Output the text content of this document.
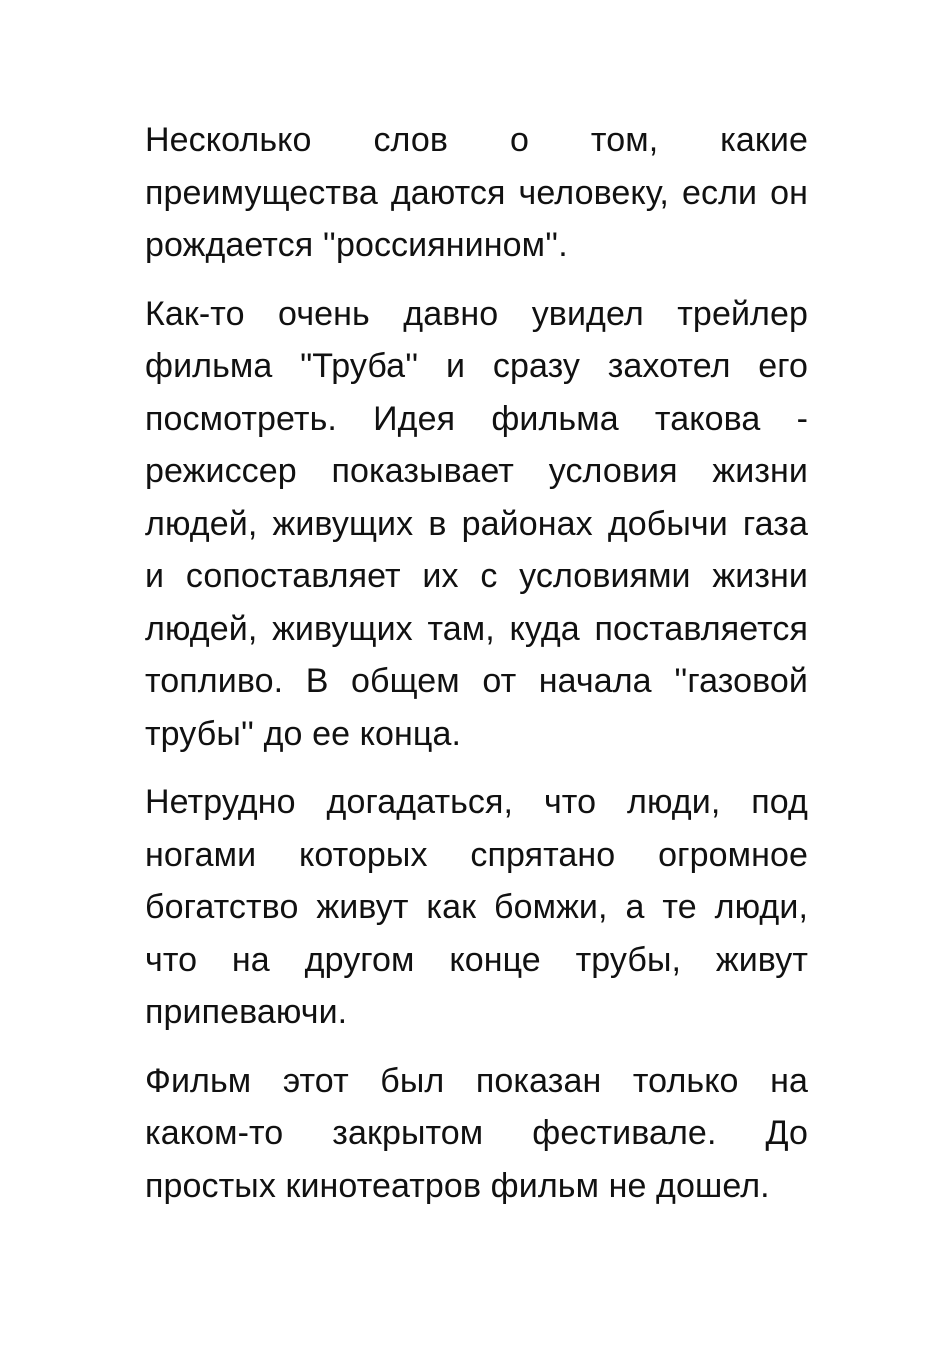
Несколько слов о том, какие преимущества даются человеку, если он рождается ''россиянином''.

Как-то очень давно увидел трейлер фильма "Труба'' и сразу захотел его посмотреть. Идея фильма такова - режиссер показывает условия жизни людей, живущих в районах добычи газа и сопоставляет их с условиями жизни людей, живущих там, куда поставляется топливо. В общем от начала ''газовой трубы'' до ее конца.

Нетрудно догадаться, что люди, под ногами которых спрятано огромное богатство живут как бомжи, а те люди, что на другом конце трубы, живут припеваючи.

Фильм этот был показан только на каком-то закрытом фестивале. До простых кинотеатров фильм не дошел.
